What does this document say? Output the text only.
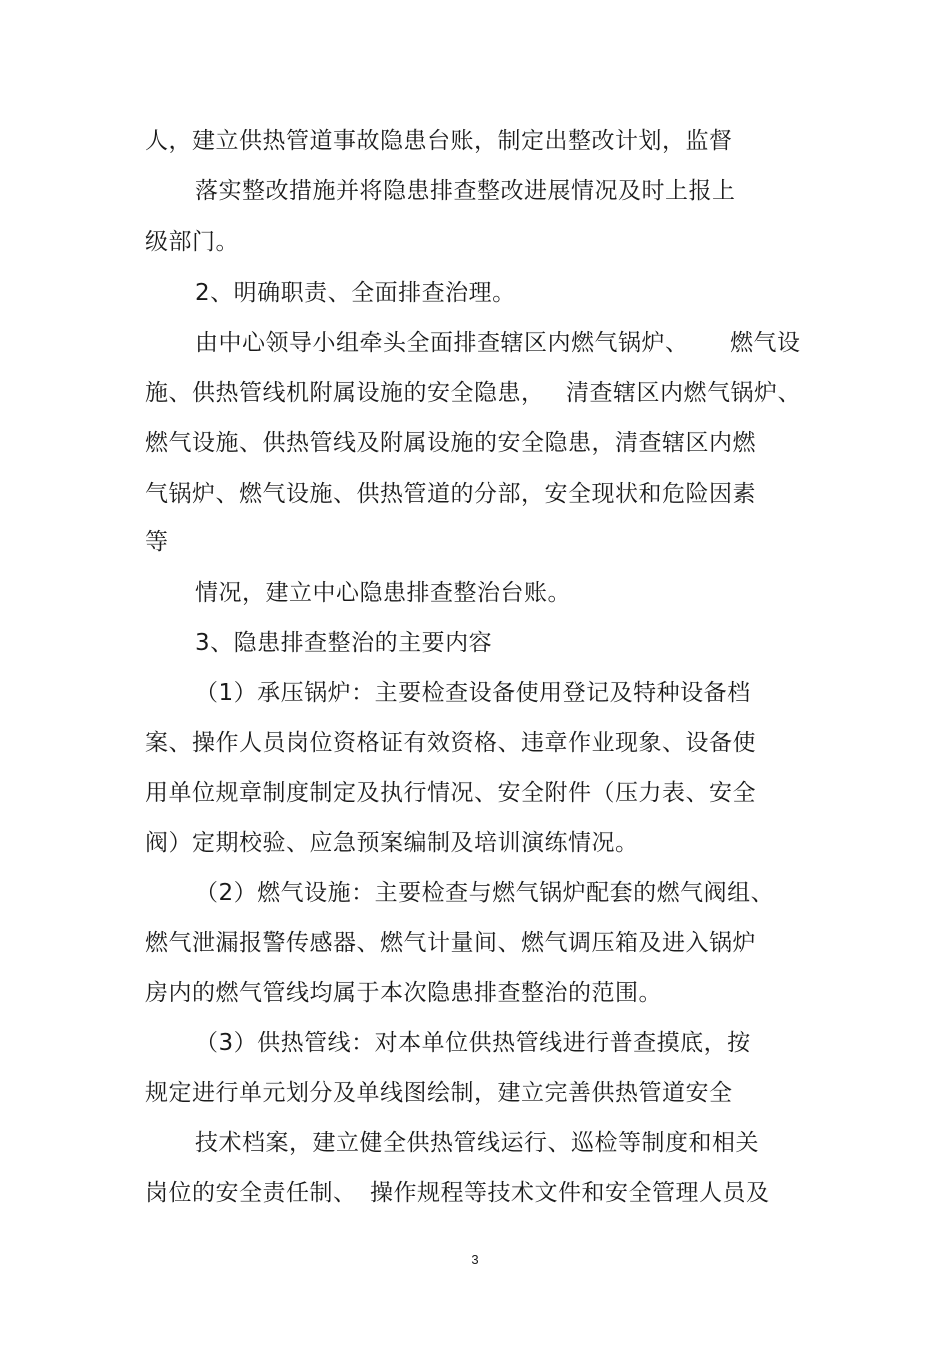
人，建立供热管道事故隐患台账，制定出整改计划，监督
落实整改措施并将隐患排查整改进展情况及时上报上
级部门。
2、明确职责、全面排查治理。
由中心领导小组牵头全面排查辖区内燃气锅炉、 燃气设
施、供热管线机附属设施的安全隐患， 清查辖区内燃气锅炉、
燃气设施、供热管线及附属设施的安全隐患，清查辖区内燃
气锅炉、燃气设施、供热管道的分部，安全现状和危险因素
等
情况，建立中心隐患排查整治台账。
3、隐患排查整治的主要内容
（1）承压锅炉：主要检查设备使用登记及特种设备档
案、操作人员岗位资格证有效资格、违章作业现象、设备使
用单位规章制度制定及执行情况、安全附件（压力表、安全
阀）定期校验、应急预案编制及培训演练情况。
（2）燃气设施：主要检查与燃气锅炉配套的燃气阀组、
燃气泄漏报警传感器、燃气计量间、燃气调压箱及进入锅炉
房内的燃气管线均属于本次隐患排查整治的范围。
（3）供热管线：对本单位供热管线进行普查摸底，按
规定进行单元划分及单线图绘制，建立完善供热管道安全
技术档案，建立健全供热管线运行、巡检等制度和相关
岗位的安全责任制、 操作规程等技术文件和安全管理人员及
3
